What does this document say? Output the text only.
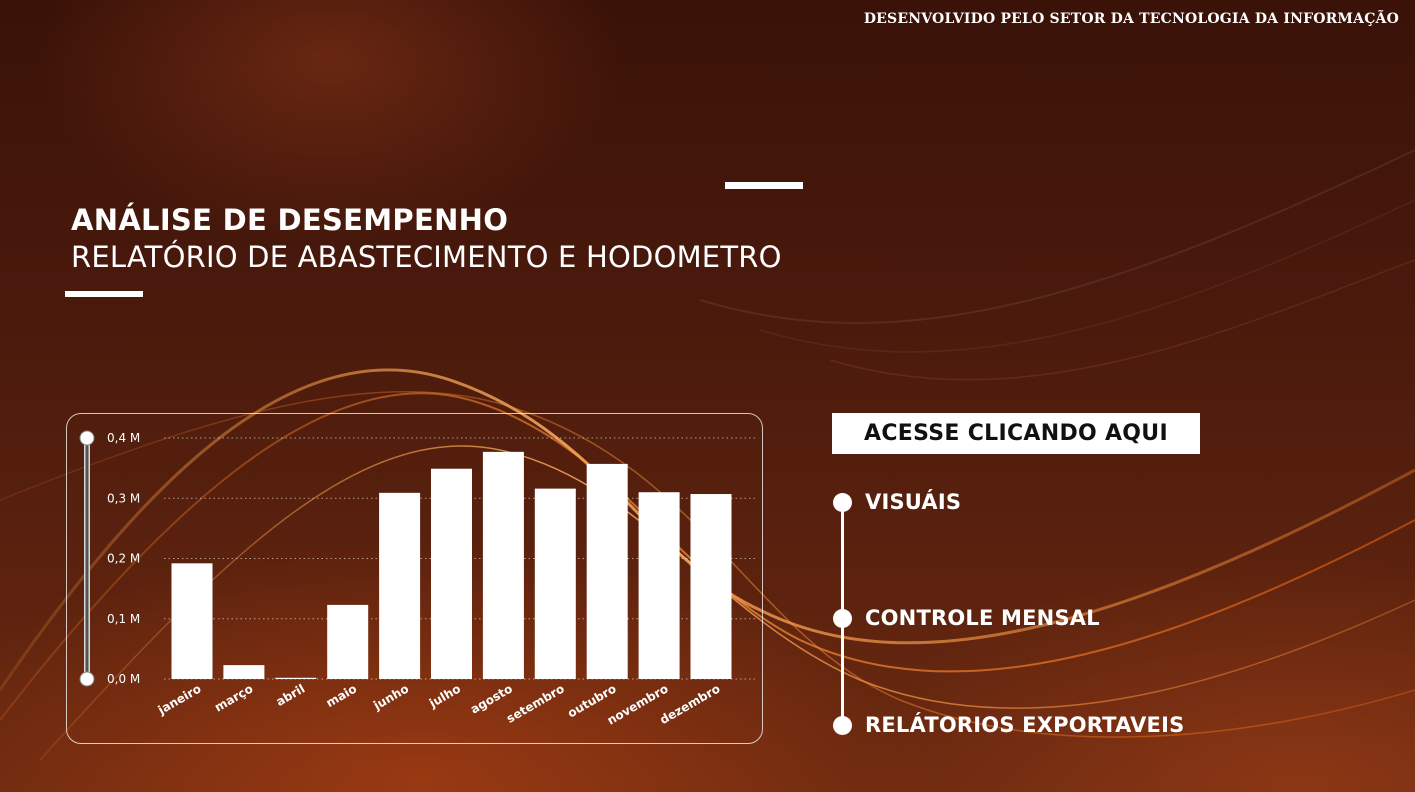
DESENVOLVIDO PELO SETOR DA TECNOLOGIA DA INFORMAÇÃO
ANÁLISE DE DESEMPENHO
RELATÓRIO DE ABASTECIMENTO E HODOMETRO
0,0 M
0,1 M
0,2 M
0,3 M
0,4 M
janeiro março abril maio junho julho agosto
setembro
outubro
novembro
dezembro
ACESSE CLICANDO AQUI
VISUÁIS
CONTROLE MENSAL
RELÁTORIOS EXPORTAVEIS
